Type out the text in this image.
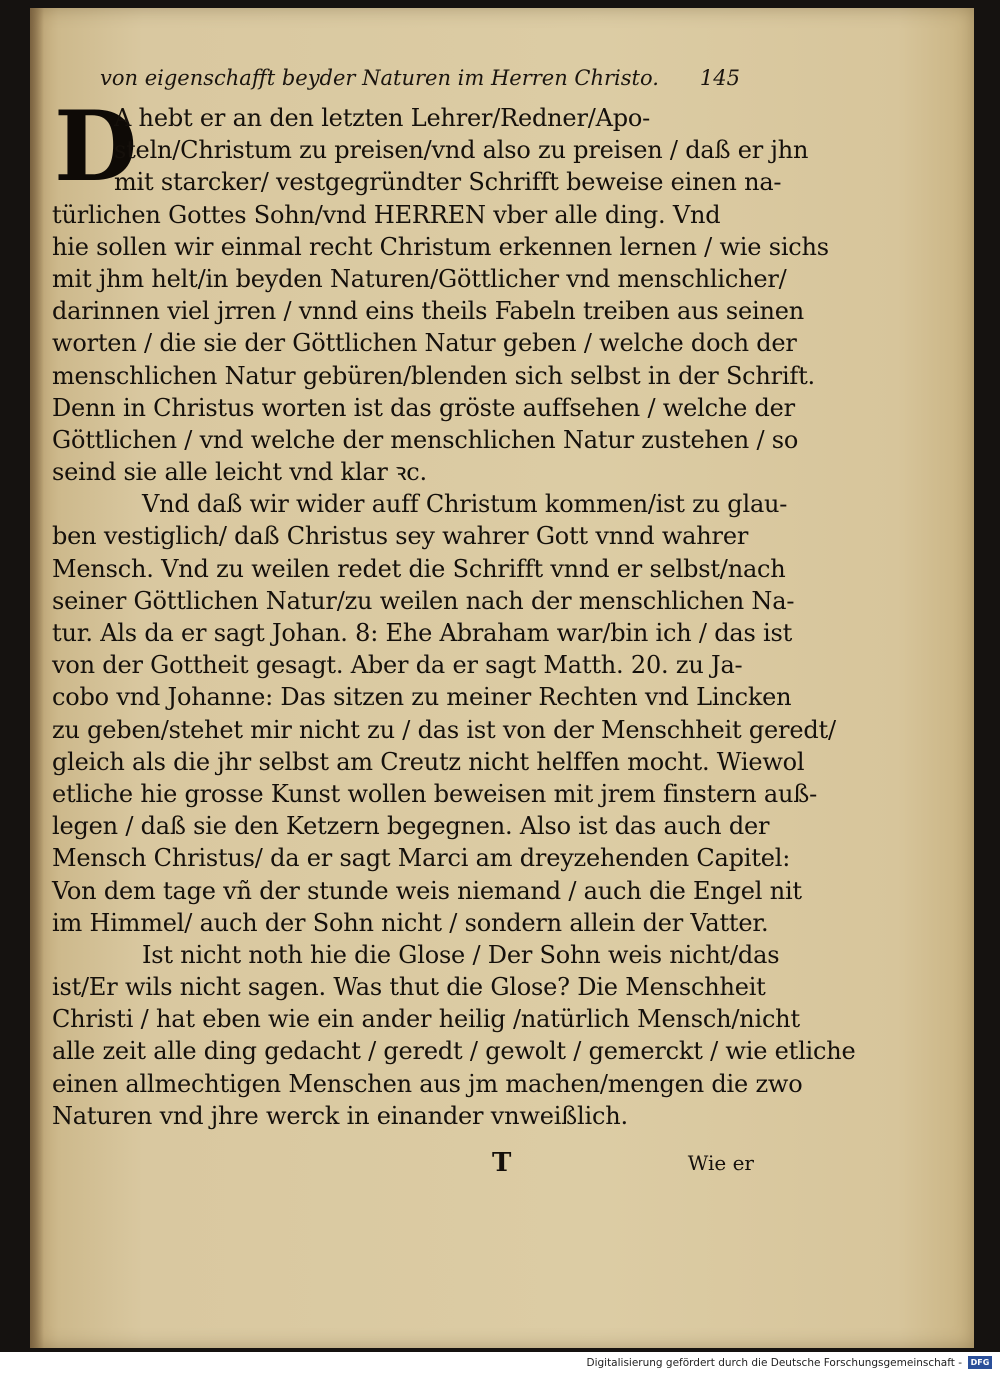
von eigenschafft beyder Naturen im Herren Christo. 145
D
A hebt er an den letzten Lehrer/Redner/Apo-
steln/Christum zu preisen/vnd also zu preisen / daß er jhn
mit starcker/ vestgegründter Schrifft beweise einen na-
türlichen Gottes Sohn/vnd HERREN vber alle ding. Vnd
hie sollen wir einmal recht Christum erkennen lernen / wie sichs
mit jhm helt/in beyden Naturen/Göttlicher vnd menschlicher/
darinnen viel jrren / vnnd eins theils Fabeln treiben aus seinen
worten / die sie der Göttlichen Natur geben / welche doch der
menschlichen Natur gebüren/blenden sich selbst in der Schrift.
Denn in Christus worten ist das gröste auffsehen / welche der
Göttlichen / vnd welche der menschlichen Natur zustehen / so
seind sie alle leicht vnd klar ꝛc.
Vnd daß wir wider auff Christum kommen/ist zu glau-
ben vestiglich/ daß Christus sey wahrer Gott vnnd wahrer
Mensch. Vnd zu weilen redet die Schrifft vnnd er selbst/nach
seiner Göttlichen Natur/zu weilen nach der menschlichen Na-
tur. Als da er sagt Johan. 8: Ehe Abraham war/bin ich / das ist
von der Gottheit gesagt. Aber da er sagt Matth. 20. zu Ja-
cobo vnd Johanne: Das sitzen zu meiner Rechten vnd Lincken
zu geben/stehet mir nicht zu / das ist von der Menschheit geredt/
gleich als die jhr selbst am Creutz nicht helffen mocht. Wiewol
etliche hie grosse Kunst wollen beweisen mit jrem finstern auß-
legen / daß sie den Ketzern begegnen. Also ist das auch der
Mensch Christus/ da er sagt Marci am dreyzehenden Capitel:
Von dem tage vñ der stunde weis niemand / auch die Engel nit
im Himmel/ auch der Sohn nicht / sondern allein der Vatter.
Ist nicht noth hie die Glose / Der Sohn weis nicht/das
ist/Er wils nicht sagen. Was thut die Glose? Die Menschheit
Christi / hat eben wie ein ander heilig /natürlich Mensch/nicht
alle zeit alle ding gedacht / geredt / gewolt / gemerckt / wie etliche
einen allmechtigen Menschen aus jm machen/mengen die zwo
Naturen vnd jhre werck in einander vnweißlich.
T	Wie er
Digitalisierung gefördert durch die Deutsche Forschungsgemeinschaft -	DFG
